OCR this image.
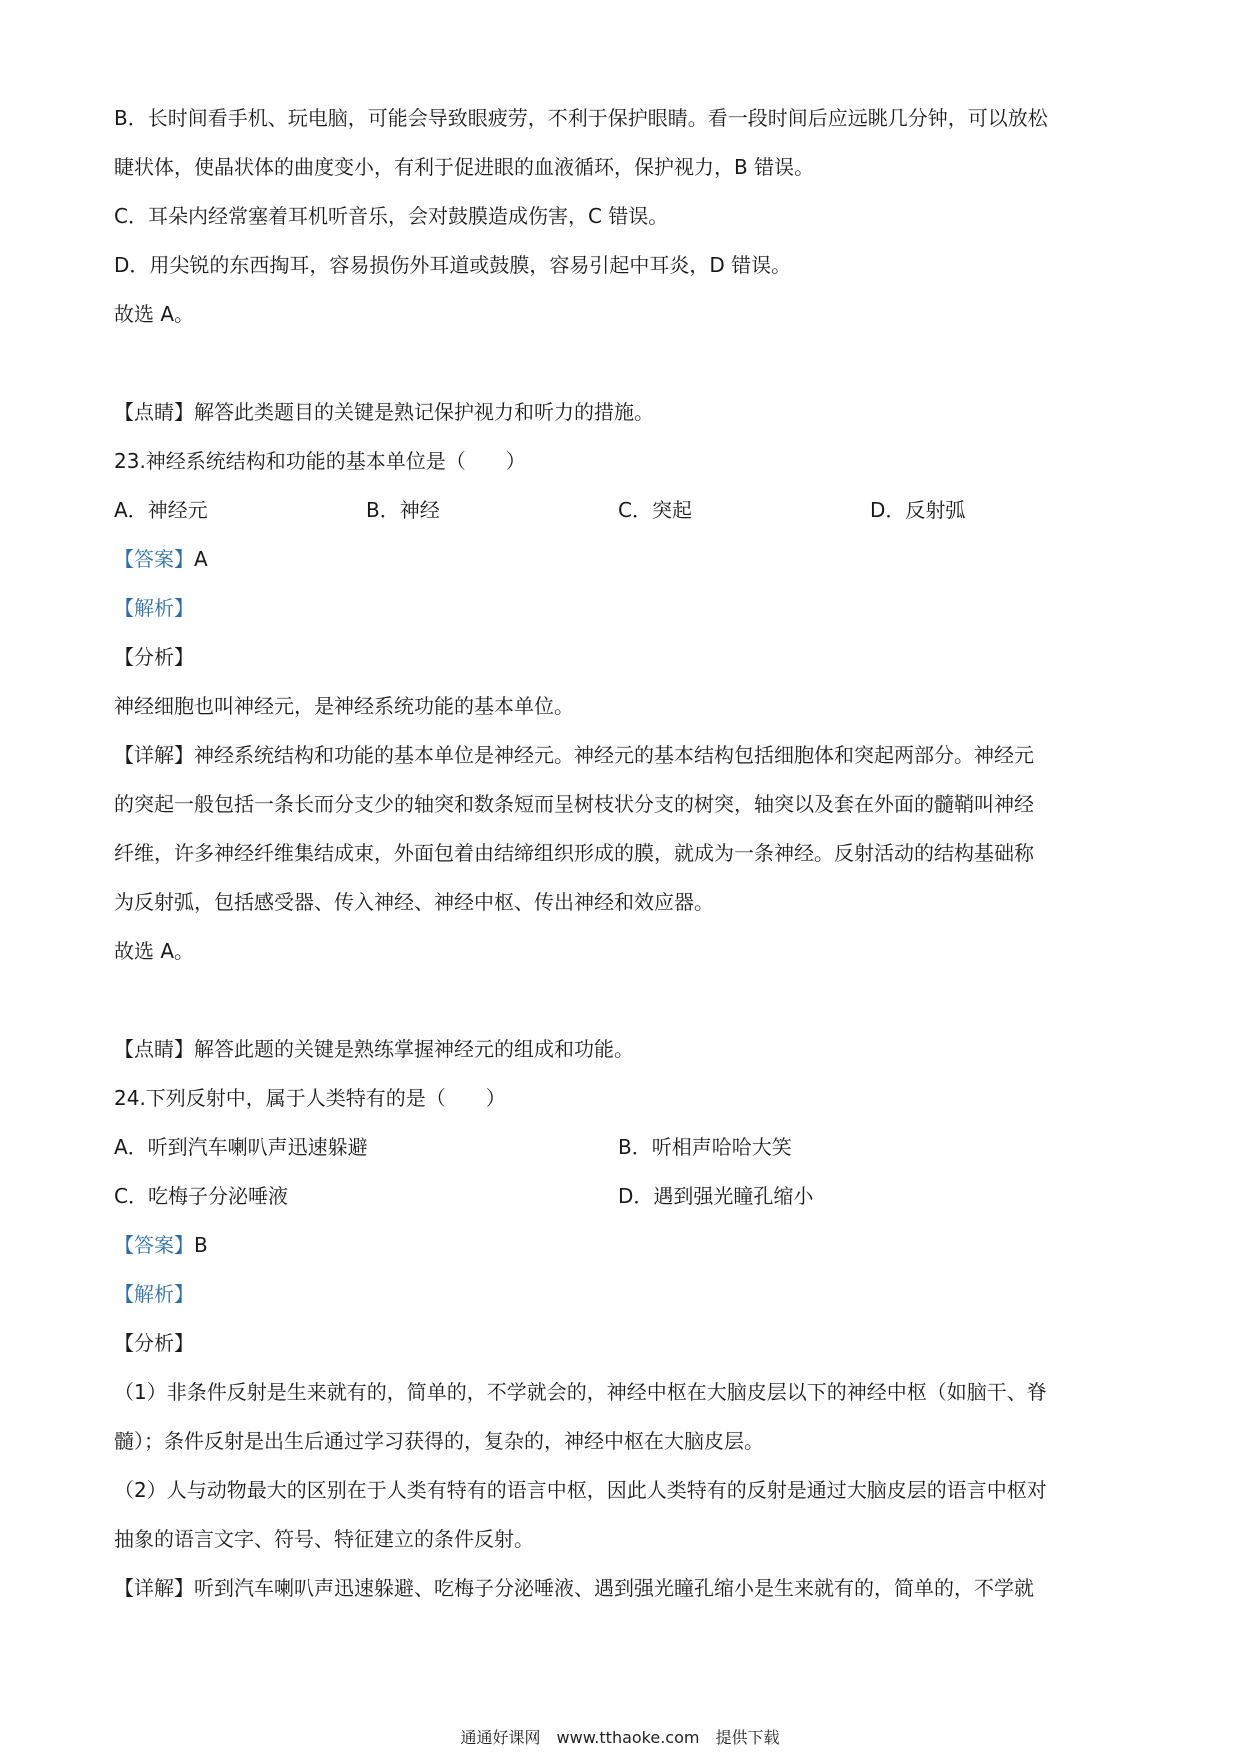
B．长时间看手机、玩电脑，可能会导致眼疲劳，不利于保护眼睛。看一段时间后应远眺几分钟，可以放松
睫状体，使晶状体的曲度变小，有利于促进眼的血液循环，保护视力，B 错误。
C．耳朵内经常塞着耳机听音乐，会对鼓膜造成伤害，C 错误。
D．用尖锐的东西掏耳，容易损伤外耳道或鼓膜，容易引起中耳炎，D 错误。
故选 A。
【点睛】解答此类题目的关键是熟记保护视力和听力的措施。
23.神经系统结构和功能的基本单位是（　　）
A．神经元	B．神经	C．突起	D．反射弧
【答案】A
【解析】
【分析】
神经细胞也叫神经元，是神经系统功能的基本单位。
【详解】神经系统结构和功能的基本单位是神经元。神经元的基本结构包括细胞体和突起两部分。神经元
的突起一般包括一条长而分支少的轴突和数条短而呈树枝状分支的树突，轴突以及套在外面的髓鞘叫神经
纤维，许多神经纤维集结成束，外面包着由结缔组织形成的膜，就成为一条神经。反射活动的结构基础称
为反射弧，包括感受器、传入神经、神经中枢、传出神经和效应器。
故选 A。
【点睛】解答此题的关键是熟练掌握神经元的组成和功能。
24.下列反射中，属于人类特有的是（　　）
A．听到汽车喇叭声迅速躲避	B．听相声哈哈大笑
C．吃梅子分泌唾液	D．遇到强光瞳孔缩小
【答案】B
【解析】
【分析】
（1）非条件反射是生来就有的，简单的，不学就会的，神经中枢在大脑皮层以下的神经中枢（如脑干、脊
髓）；条件反射是出生后通过学习获得的，复杂的，神经中枢在大脑皮层。
（2）人与动物最大的区别在于人类有特有的语言中枢，因此人类特有的反射是通过大脑皮层的语言中枢对
抽象的语言文字、符号、特征建立的条件反射。
【详解】听到汽车喇叭声迅速躲避、吃梅子分泌唾液、遇到强光瞳孔缩小是生来就有的，简单的，不学就
通通好课网　www.tthaoke.com　提供下载
